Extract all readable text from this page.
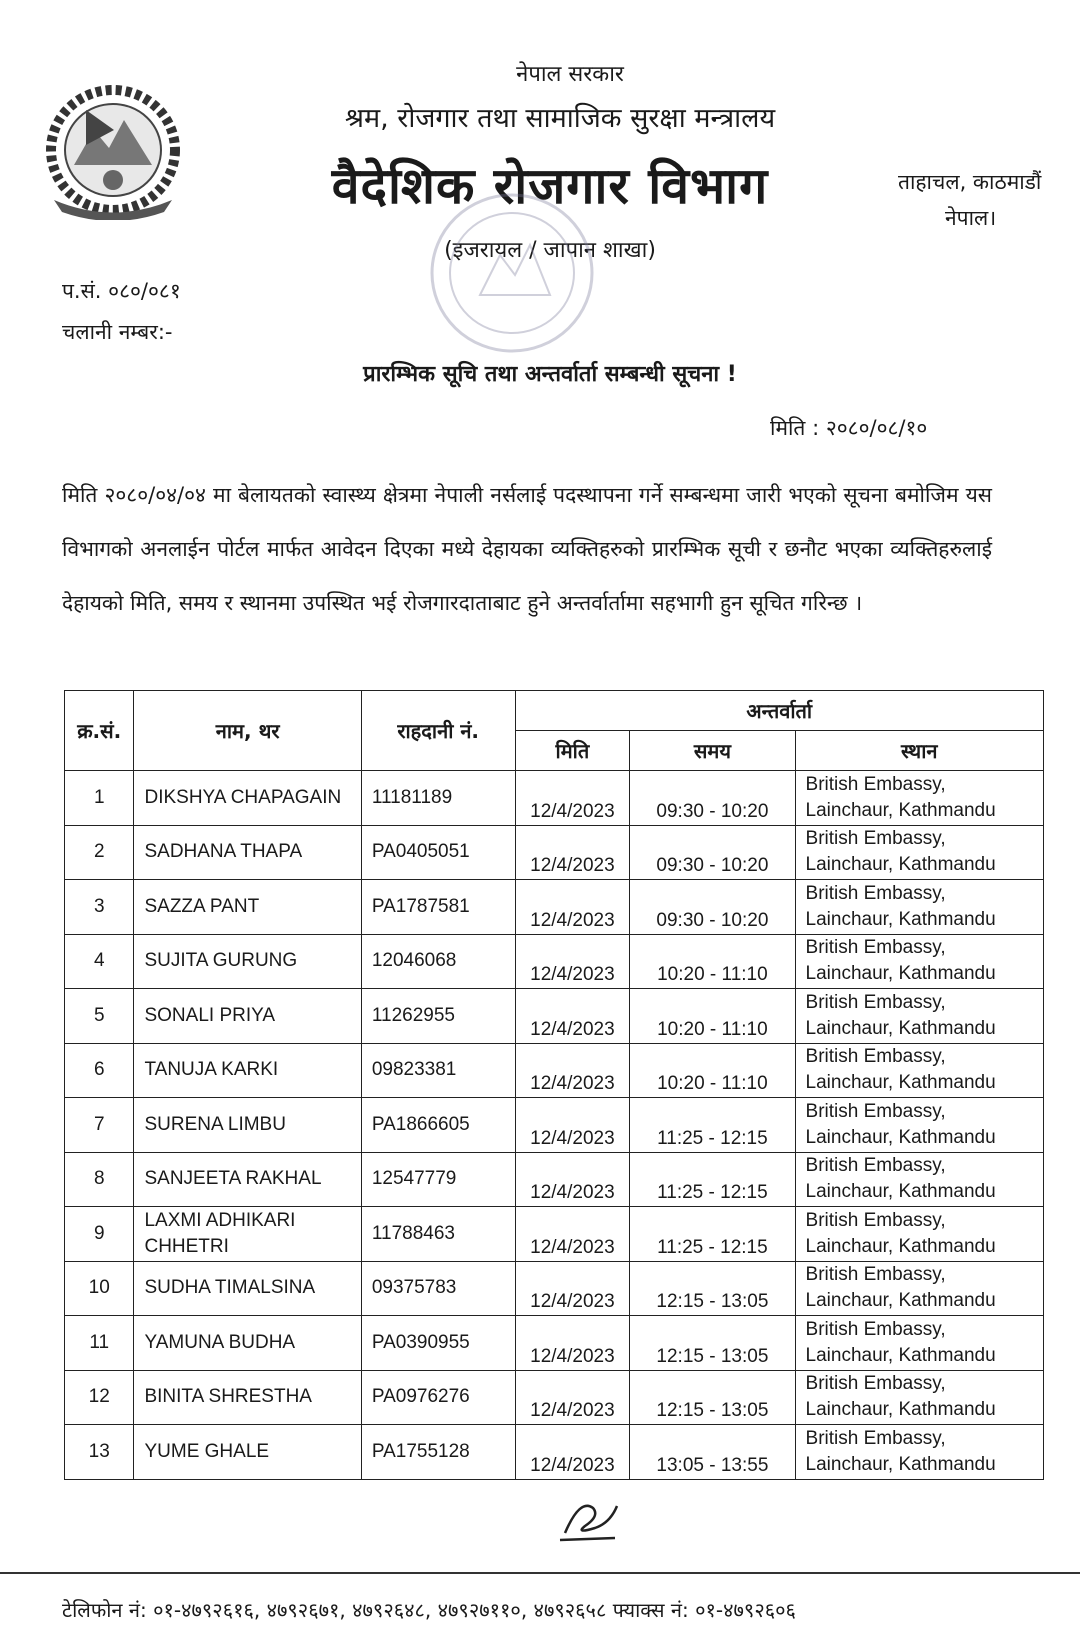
नेपाल सरकार
श्रम, रोजगार तथा सामाजिक सुरक्षा मन्त्रालय
वैदेशिक रोजगार विभाग
(इजरायल / जापान शाखा)
ताहाचल, काठमाडौं
नेपाल।
प.सं. ०८०/०८१
चलानी नम्बर:-
प्रारम्भिक सूचि तथा अन्तर्वार्ता सम्बन्धी सूचना !
मिति : २०८०/०८/१०
मिति २०८०/०४/०४ मा बेलायतको स्वास्थ्य क्षेत्रमा नेपाली नर्सलाई पदस्थापना गर्ने सम्बन्धमा जारी भएको सूचना बमोजिम यस विभागको अनलाईन पोर्टल मार्फत आवेदन दिएका मध्ये देहायका व्यक्तिहरुको प्रारम्भिक सूची र छनौट भएका व्यक्तिहरुलाई देहायको मिति, समय र स्थानमा उपस्थित भई रोजगारदाताबाट हुने अन्तर्वार्तामा सहभागी हुन सूचित गरिन्छ ।
क्र.सं.	नाम, थर	राहदानी नं.	अन्तर्वार्ता		
			मिति	समय	स्थान
1	DIKSHYA CHAPAGAIN	11181189	12/4/2023	09:30 - 10:20	British Embassy,
Lainchaur, Kathmandu

2	SADHANA THAPA	PA0405051	12/4/2023	09:30 - 10:20	British Embassy,
Lainchaur, Kathmandu

3	SAZZA PANT	PA1787581	12/4/2023	09:30 - 10:20	British Embassy,
Lainchaur, Kathmandu

4	SUJITA GURUNG	12046068	12/4/2023	10:20 - 11:10	British Embassy,
Lainchaur, Kathmandu

5	SONALI PRIYA	11262955	12/4/2023	10:20 - 11:10	British Embassy,
Lainchaur, Kathmandu

6	TANUJA KARKI	09823381	12/4/2023	10:20 - 11:10	British Embassy,
Lainchaur, Kathmandu

7	SURENA LIMBU	PA1866605	12/4/2023	11:25 - 12:15	British Embassy,
Lainchaur, Kathmandu

8	SANJEETA RAKHAL	12547779	12/4/2023	11:25 - 12:15	British Embassy,
Lainchaur, Kathmandu

9	LAXMI ADHIKARI CHHETRI	11788463	12/4/2023	11:25 - 12:15	British Embassy,
Lainchaur, Kathmandu

10	SUDHA TIMALSINA	09375783	12/4/2023	12:15 - 13:05	British Embassy,
Lainchaur, Kathmandu

11	YAMUNA BUDHA	PA0390955	12/4/2023	12:15 - 13:05	British Embassy,
Lainchaur, Kathmandu

12	BINITA SHRESTHA	PA0976276	12/4/2023	12:15 - 13:05	British Embassy,
Lainchaur, Kathmandu

13	YUME GHALE	PA1755128	12/4/2023	13:05 - 13:55	British Embassy,
Lainchaur, Kathmandu
टेलिफोन नं: ०१-४७९२६१६, ४७९२६७१, ४७९२६४८, ४७९२७११०, ४७९२६५८ फ्याक्स नं: ०१-४७९२६०६
